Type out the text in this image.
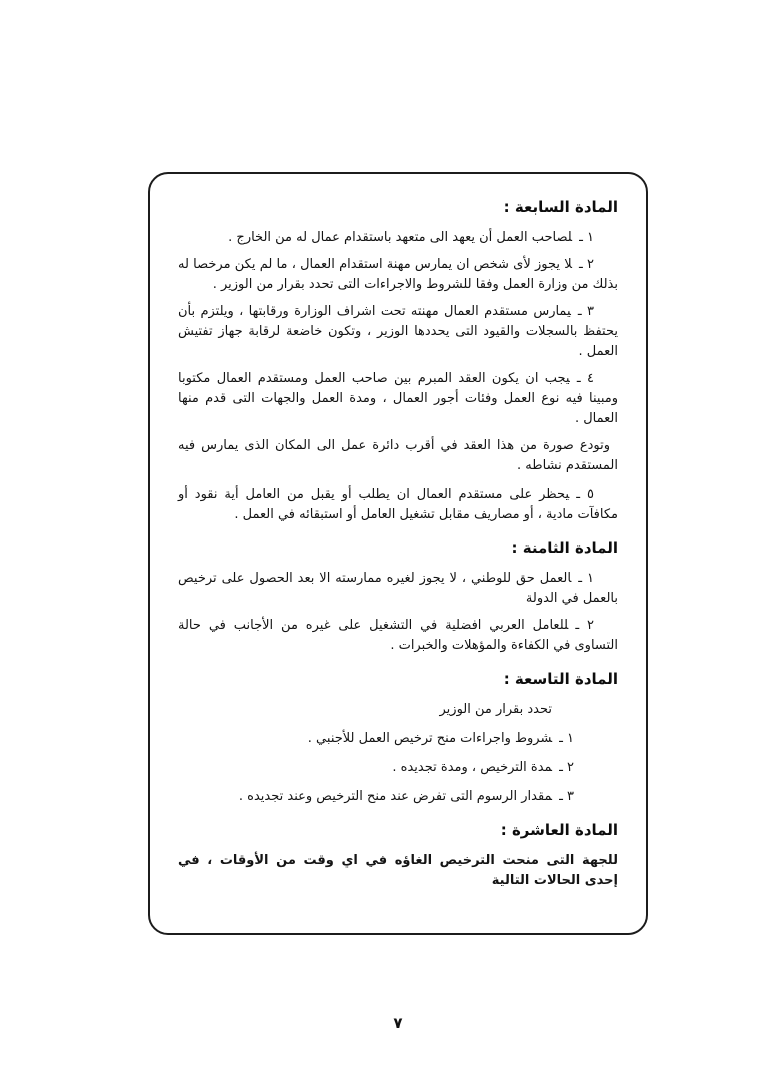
المادة السابعة :

١ ـلصاحب العمل أن يعهد الى متعهد باستقدام عمال له من الخارج .

٢ ـلا يجوز لأى شخص ان يمارس مهنة استقدام العمال ، ما لم يكن مرخصا له بذلك من وزارة العمل وفقا للشروط والاجراءات التى تحدد بقرار من الوزير .

٣ ـيمارس مستقدم العمال مهنته تحت اشراف الوزارة ورقابتها ، ويلتزم بأن يحتفظ بالسجلات والقيود التى يحددها الوزير ، وتكون خاضعة لرقابة جهاز تفتيش العمل .

٤ ـيجب ان يكون العقد المبرم بين صاحب العمل ومستقدم العمال مكتوبا ومبينا فيه نوع العمل وفئات أجور العمال ، ومدة العمل والجهات التى قدم منها العمال .

وتودع صورة من هذا العقد في أقرب دائرة عمل الى المكان الذى يمارس فيه المستقدم نشاطه .

٥ ـيحظر على مستقدم العمال ان يطلب أو يقبل من العامل أية نقود أو مكافآت مادية ، أو مصاريف مقابل تشغيل العامل أو استبقائه في العمل .

المادة الثامنة :

١ ـالعمل حق للوطني ، لا يجوز لغيره ممارسته الا بعد الحصول على ترخيص بالعمل في الدولة

٢ ـللعامل العربي افضلية في التشغيل على غيره من الأجانب في حالة التساوى في الكفاءة والمؤهلات والخبرات .

المادة التاسعة :

تحدد بقرار من الوزير

١ ـشروط واجراءات منح ترخيص العمل للأجنبي .

٢ ـمدة الترخيص ، ومدة تجديده .

٣ ـمقدار الرسوم التى تفرض عند منح الترخيص وعند تجديده .

المادة العاشرة :

للجهة التى منحت الترخيص الغاؤه في اي وقت من الأوقات ، في إحدى الحالات التالية

٧
